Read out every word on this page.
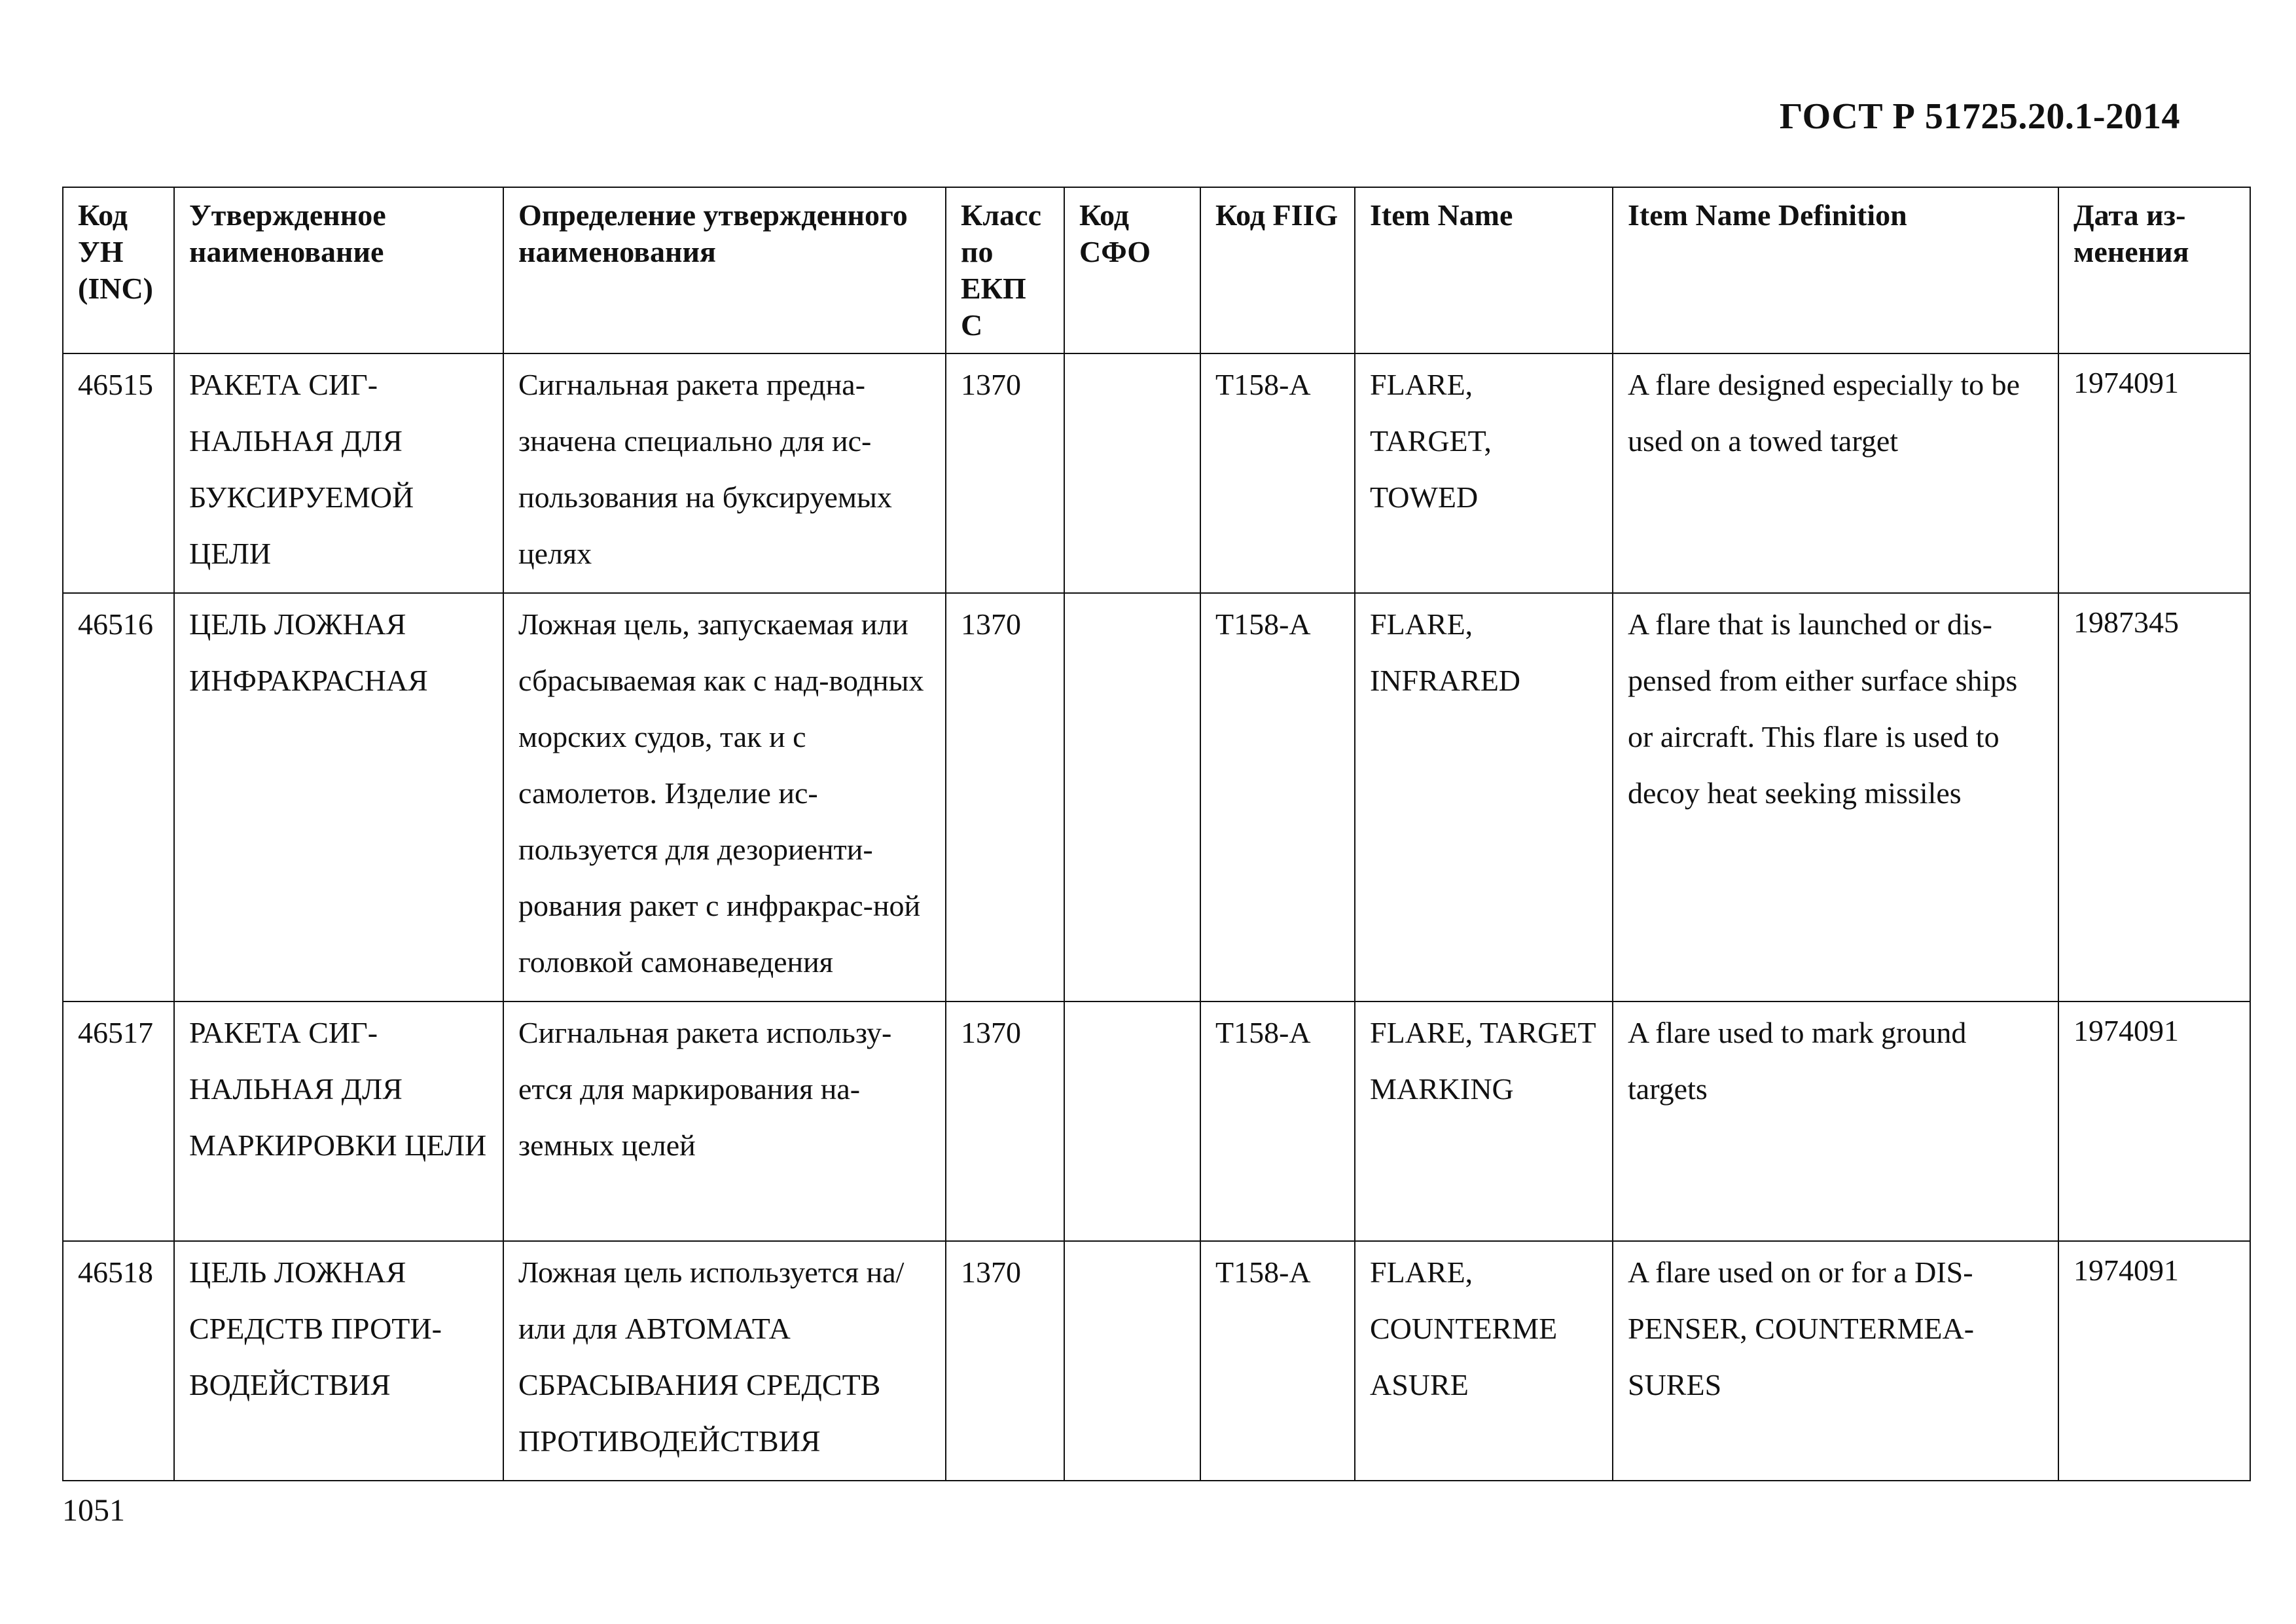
ГОСТ Р 51725.20.1-2014
Код УН (INC)	Утвержденное наименование	Определение утвержденного наименования	Класс по ЕКП С	Код СФО	Код FIIG	Item Name	Item Name Definition	Дата из-менения

46515	РАКЕТА СИГ-НАЛЬНАЯ ДЛЯ БУКСИРУЕМОЙ ЦЕЛИ	Сигнальная ракета предна-значена специально для ис-пользования на буксируемых целях	1370		T158-A	FLARE, TARGET, TOWED	A flare designed especially to be used on a towed target	1974091

46516	ЦЕЛЬ ЛОЖНАЯ ИНФРАКРАСНАЯ	Ложная цель, запускаемая или сбрасываемая как с над-водных морских судов, так и с самолетов. Изделие ис-пользуется для дезориенти-рования ракет с инфракрас-ной головкой самонаведения	1370		T158-A	FLARE, INFRARED	A flare that is launched or dis-pensed from either surface ships or aircraft. This flare is used to decoy heat seeking missiles	1987345

46517	РАКЕТА СИГ-НАЛЬНАЯ ДЛЯ МАРКИРОВКИ ЦЕЛИ	Сигнальная ракета использу-ется для маркирования на-земных целей	1370		T158-A	FLARE, TARGET MARKING	A flare used to mark ground targets	1974091

46518	ЦЕЛЬ ЛОЖНАЯ СРЕДСТВ ПРОТИ-ВОДЕЙСТВИЯ	Ложная цель используется на/или для АВТОМАТА СБРАСЫВАНИЯ СРЕДСТВ ПРОТИВОДЕЙСТВИЯ	1370		T158-A	FLARE, COUNTERME ASURE	A flare used on or for a DIS-PENSER, COUNTERMEA-SURES	1974091
1051
